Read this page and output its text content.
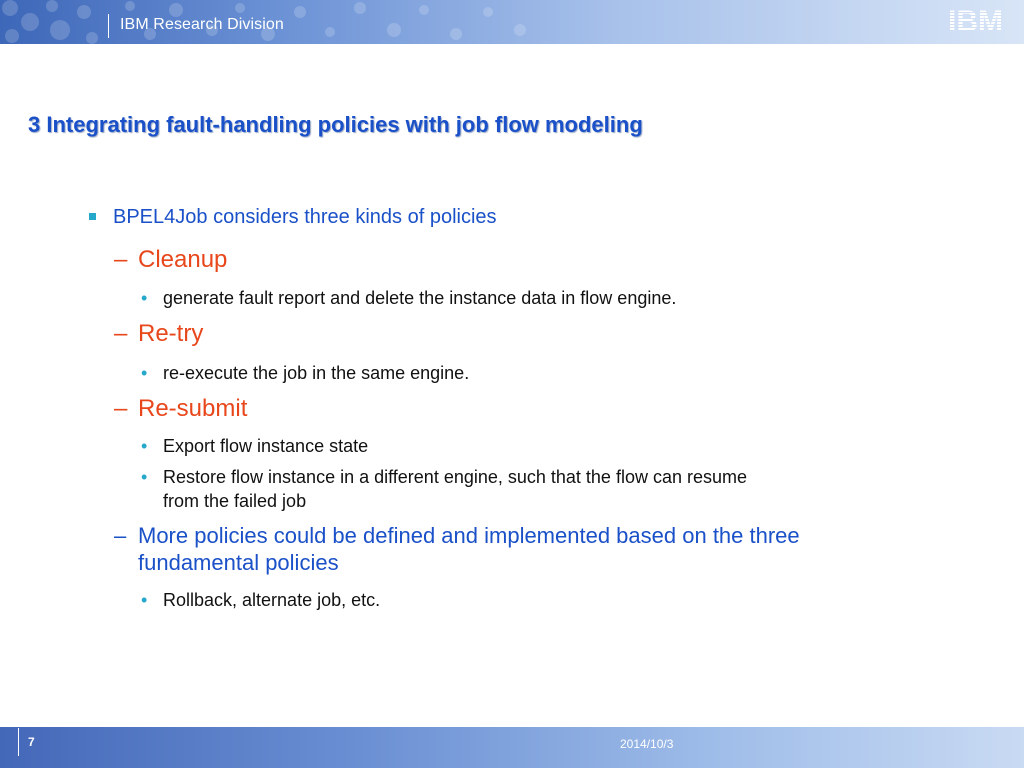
IBM Research Division	IBM
3 Integrating fault-handling policies with job flow modeling
BPEL4Job considers three kinds of policies
– Cleanup
• generate fault report and delete the instance data in flow engine.
– Re-try
• re-execute the job in the same engine.
– Re-submit
• Export flow instance state
• Restore flow instance in a different engine, such that the flow can resume
from the failed job
– More policies could be defined and implemented based on the three
fundamental policies
• Rollback, alternate job, etc.
7	2014/10/3
